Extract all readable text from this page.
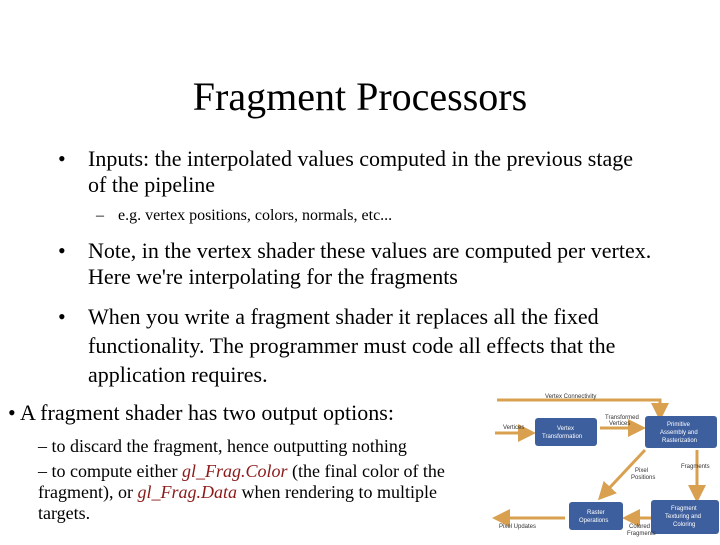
Fragment Processors
• Inputs: the interpolated values computed in the previous stage of the pipeline
– e.g. vertex positions, colors, normals, etc...
• Note, in the vertex shader these values are computed per vertex. Here we're interpolating for the fragments
• When you write a fragment shader it replaces all the fixed functionality. The programmer must code all effects that the application requires.
• A fragment shader has two output options:
– to discard the fragment, hence outputting nothing
– to compute either gl_Frag.Color (the final color of the fragment), or gl_Frag.Data when rendering to multiple targets.
Vertex Connectivity
Vertices
Transformed
Vertices
Vertex
Transformation
Primitive
Assembly and
Rasterization
Fragments
Pixel
Positions
Raster
Operations
Fragment
Texturing and
Coloring
Pixel Updates	Colored
Fragments
